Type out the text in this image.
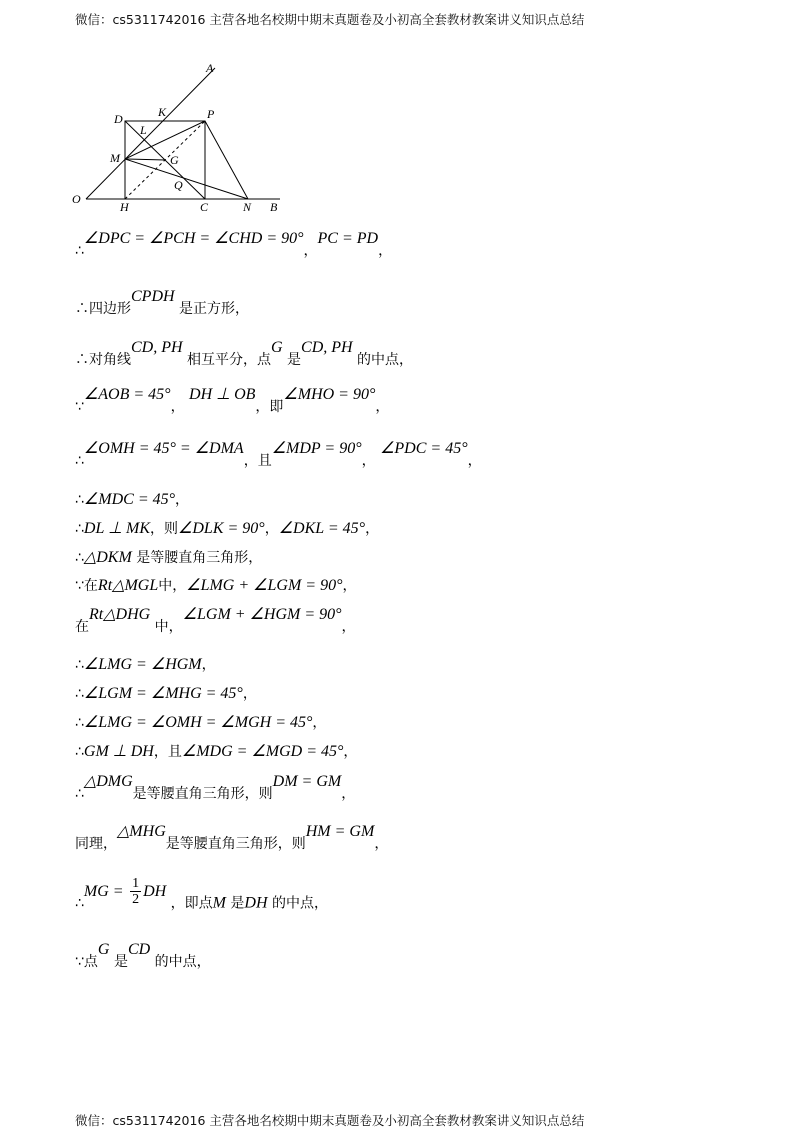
微信：cs5311742016 主营各地名校期中期末真题卷及小初高全套教材教案讲义知识点总结
A
D	K	P
L
M	G
Q
O
H	C	N B
∴∠DPC = ∠PCH = ∠CHD = 90°，PC = PD，
∴四边形CPDH 是正方形，
∴对角线CD, PH 相互平分，点G 是CD, PH 的中点，
∵∠AOB = 45°， DH ⊥ OB，即∠MHO = 90°，
∴∠OMH = 45° = ∠DMA，且∠MDP = 90°， ∠PDC = 45°，
∴∠MDC = 45°，
∴DL ⊥ MK，则∠DLK = 90°，∠DKL = 45°，
∴△DKM 是等腰直角三角形，
∵在Rt△MGL中，∠LMG + ∠LGM = 90°，
在Rt△DHG 中，∠LGM + ∠HGM = 90°，
∴∠LMG = ∠HGM，
∴∠LGM = ∠MHG = 45°，
∴∠LMG = ∠OMH = ∠MGH = 45°，
∴GM ⊥ DH，且∠MDG = ∠MGD = 45°，
∴△DMG是等腰直角三角形，则DM = GM，
同理，△MHG是等腰直角三角形，则HM = GM，
∴MG = $\frac{1}{2}$ DH ，即点M 是DH 的中点，
∵点G 是CD 的中点，
微信：cs5311742016 主营各地名校期中期末真题卷及小初高全套教材教案讲义知识点总结
